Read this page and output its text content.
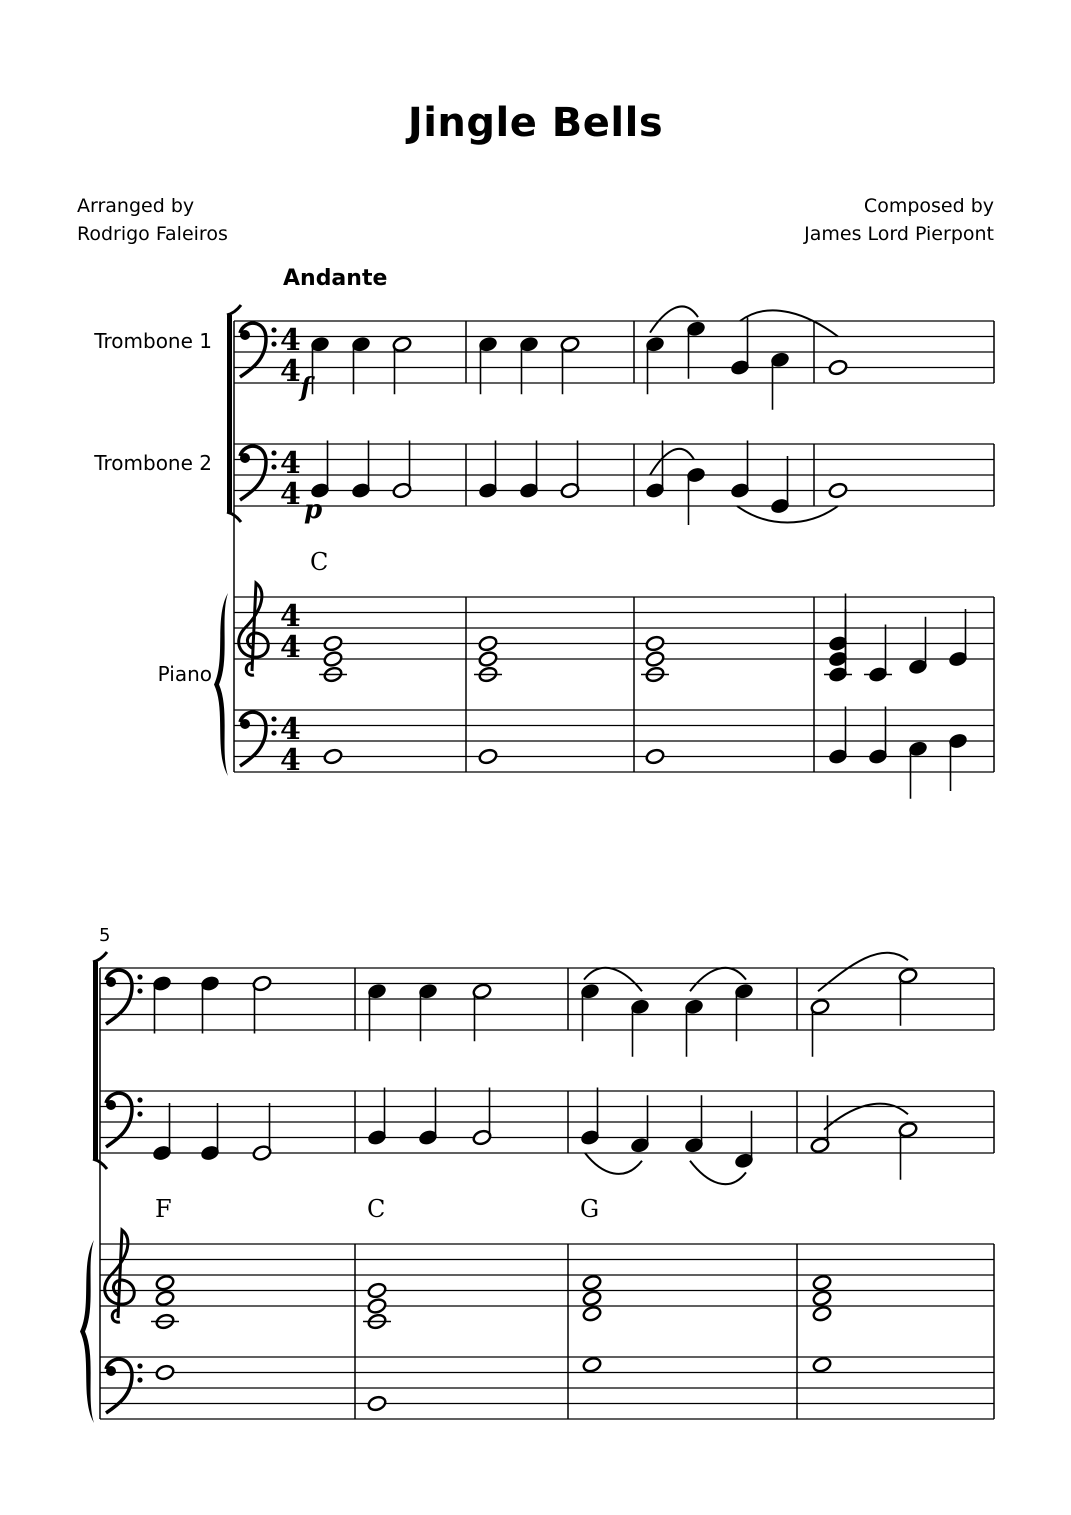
Jingle Bells
Arranged by
Rodrigo Faleiros
Composed by
James Lord Pierpont
Andante
Trombone 1
Trombone 2
Piano
5
C
F	C	G
4
4
4
4
4
4
4
4
f
p
